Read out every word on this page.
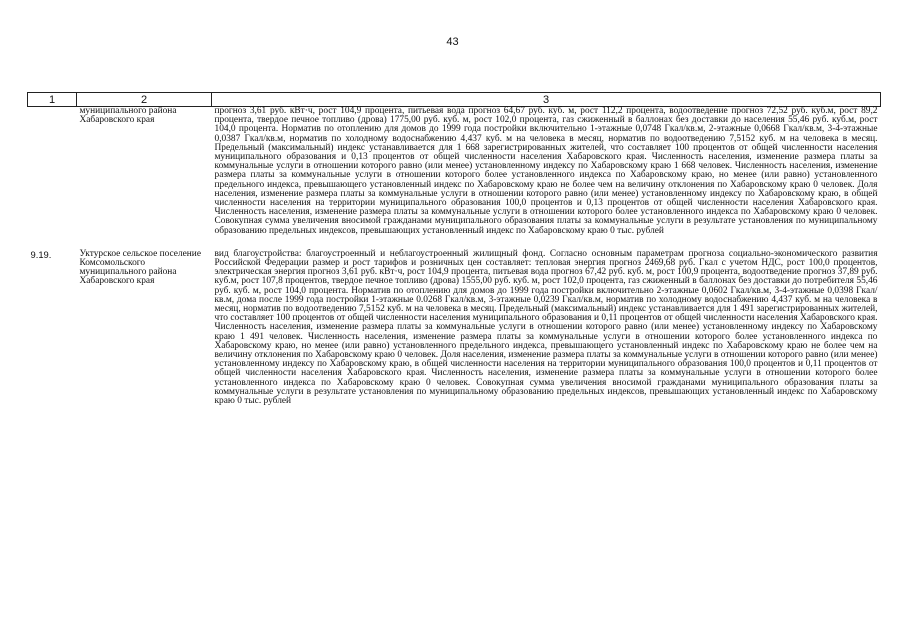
43
1	2	3
	муниципального района Хабаровского края	прогноз 3,61 руб. кВт·ч, рост 104,9 процента, питьевая вода прогноз 64,67 руб. куб. м, рост 112,2 процента, водоотведение прогноз 72,52 руб. куб.м, рост 89,2 процента, твердое печное топливо (дрова) 1775,00 руб. куб. м, рост 102,0 процента, газ сжиженный в баллонах без доставки до населения 55,46 руб. куб.м, рост 104,0 процента. Норматив по отоплению для домов до 1999 года постройки включительно 1-этажные 0,0748 Гкал/кв.м, 2-этажные 0,0668 Гкал/кв.м, 3-4-этажные 0,0387 Гкал/кв.м, норматив по холодному водоснабжению 4,437 куб. м на человека в месяц, норматив по водоотведению 7,5152 куб. м на человека в месяц. Предельный (максимальный) индекс устанавливается для 1 668 зарегистрированных жителей, что составляет 100 процентов от общей численности населения муниципального образования и 0,13 процентов от общей численности населения Хабаровского края. Численность населения, изменение размера платы за коммунальные услуги в отношении которого равно (или менее) установленному индексу по Хабаровскому краю 1 668 человек. Численность населения, изменение размера платы за коммунальные услуги в отношении которого более установленного индекса по Хабаровскому краю, но менее (или равно) установленного предельного индекса, превышающего установленный индекс по Хабаровскому краю не более чем на величину отклонения по Хабаровскому краю 0 человек. Доля населения, изменение размера платы за коммунальные услуги в отношении которого равно (или менее) установленному индексу по Хабаровскому краю, в общей численности населения на территории муниципального образования 100,0 процентов и 0,13 процентов от общей численности населения Хабаровского края. Численность населения, изменение размера платы за коммунальные услуги в отношении которого более установленного индекса по Хабаровскому краю 0 человек. Совокупная сумма увеличения вносимой гражданами муниципального образования платы за коммунальные услуги в результате установления по муниципальному образованию предельных индексов, превышающих установленный индекс по Хабаровскому краю 0 тыс. рублей

9.19.	Уктурское сельское поселение Комсомольского муниципального района Хабаровского края	вид благоустройства: благоустроенный и неблагоустроенный жилищный фонд. Согласно основным параметрам прогноза социально-экономического развития Российской Федерации размер и рост тарифов и розничных цен составляет: тепловая энергия прогноз 2469,68 руб. Гкал с учетом НДС, рост 100,0 процентов, электрическая энергия прогноз 3,61 руб. кВт·ч, рост 104,9 процента, питьевая вода прогноз 67,42 руб. куб. м, рост 100,9 процента, водоотведение прогноз 37,89 руб. куб.м, рост 107,8 процентов, твердое печное топливо (дрова) 1555,00 руб. куб. м, рост 102,0 процента, газ сжиженный в баллонах без доставки до потребителя 55,46 руб. куб. м, рост 104,0 процента. Норматив по отоплению для домов до 1999 года постройки включительно 2-этажные 0,0602 Гкал/кв.м, 3-4-этажные 0,0398 Гкал/кв.м, дома после 1999 года постройки 1-этажные 0.0268 Гкал/кв.м, 3-этажные 0,0239 Гкал/кв.м, норматив по холодному водоснабжению 4,437 куб. м на человека в месяц, норматив по водоотведению 7,5152 куб. м на человека в месяц. Предельный (максимальный) индекс устанавливается для 1 491 зарегистрированных жителей, что составляет 100 процентов от общей численности населения муниципального образования и 0,11 процентов от общей численности населения Хабаровского края. Численность населения, изменение размера платы за коммунальные услуги в отношении которого равно (или менее) установленному индексу по Хабаровскому краю 1 491 человек. Численность населения, изменение размера платы за коммунальные услуги в отношении которого более установленного индекса по Хабаровскому краю, но менее (или равно) установленного предельного индекса, превышающего установленный индекс по Хабаровскому краю не более чем на величину отклонения по Хабаровскому краю 0 человек. Доля населения, изменение размера платы за коммунальные услуги в отношении которого равно (или менее) установленному индексу по Хабаровскому краю, в общей численности населения на территории муниципального образования 100,0 процентов и 0,11 процентов от общей численности населения Хабаровского края. Численность населения, изменение размера платы за коммунальные услуги в отношении которого более установленного индекса по Хабаровскому краю 0 человек. Совокупная сумма увеличения вносимой гражданами муниципального образования платы за коммунальные услуги в результате установления по муниципальному образованию предельных индексов, превышающих установленный индекс по Хабаровскому краю 0 тыс. рублей
